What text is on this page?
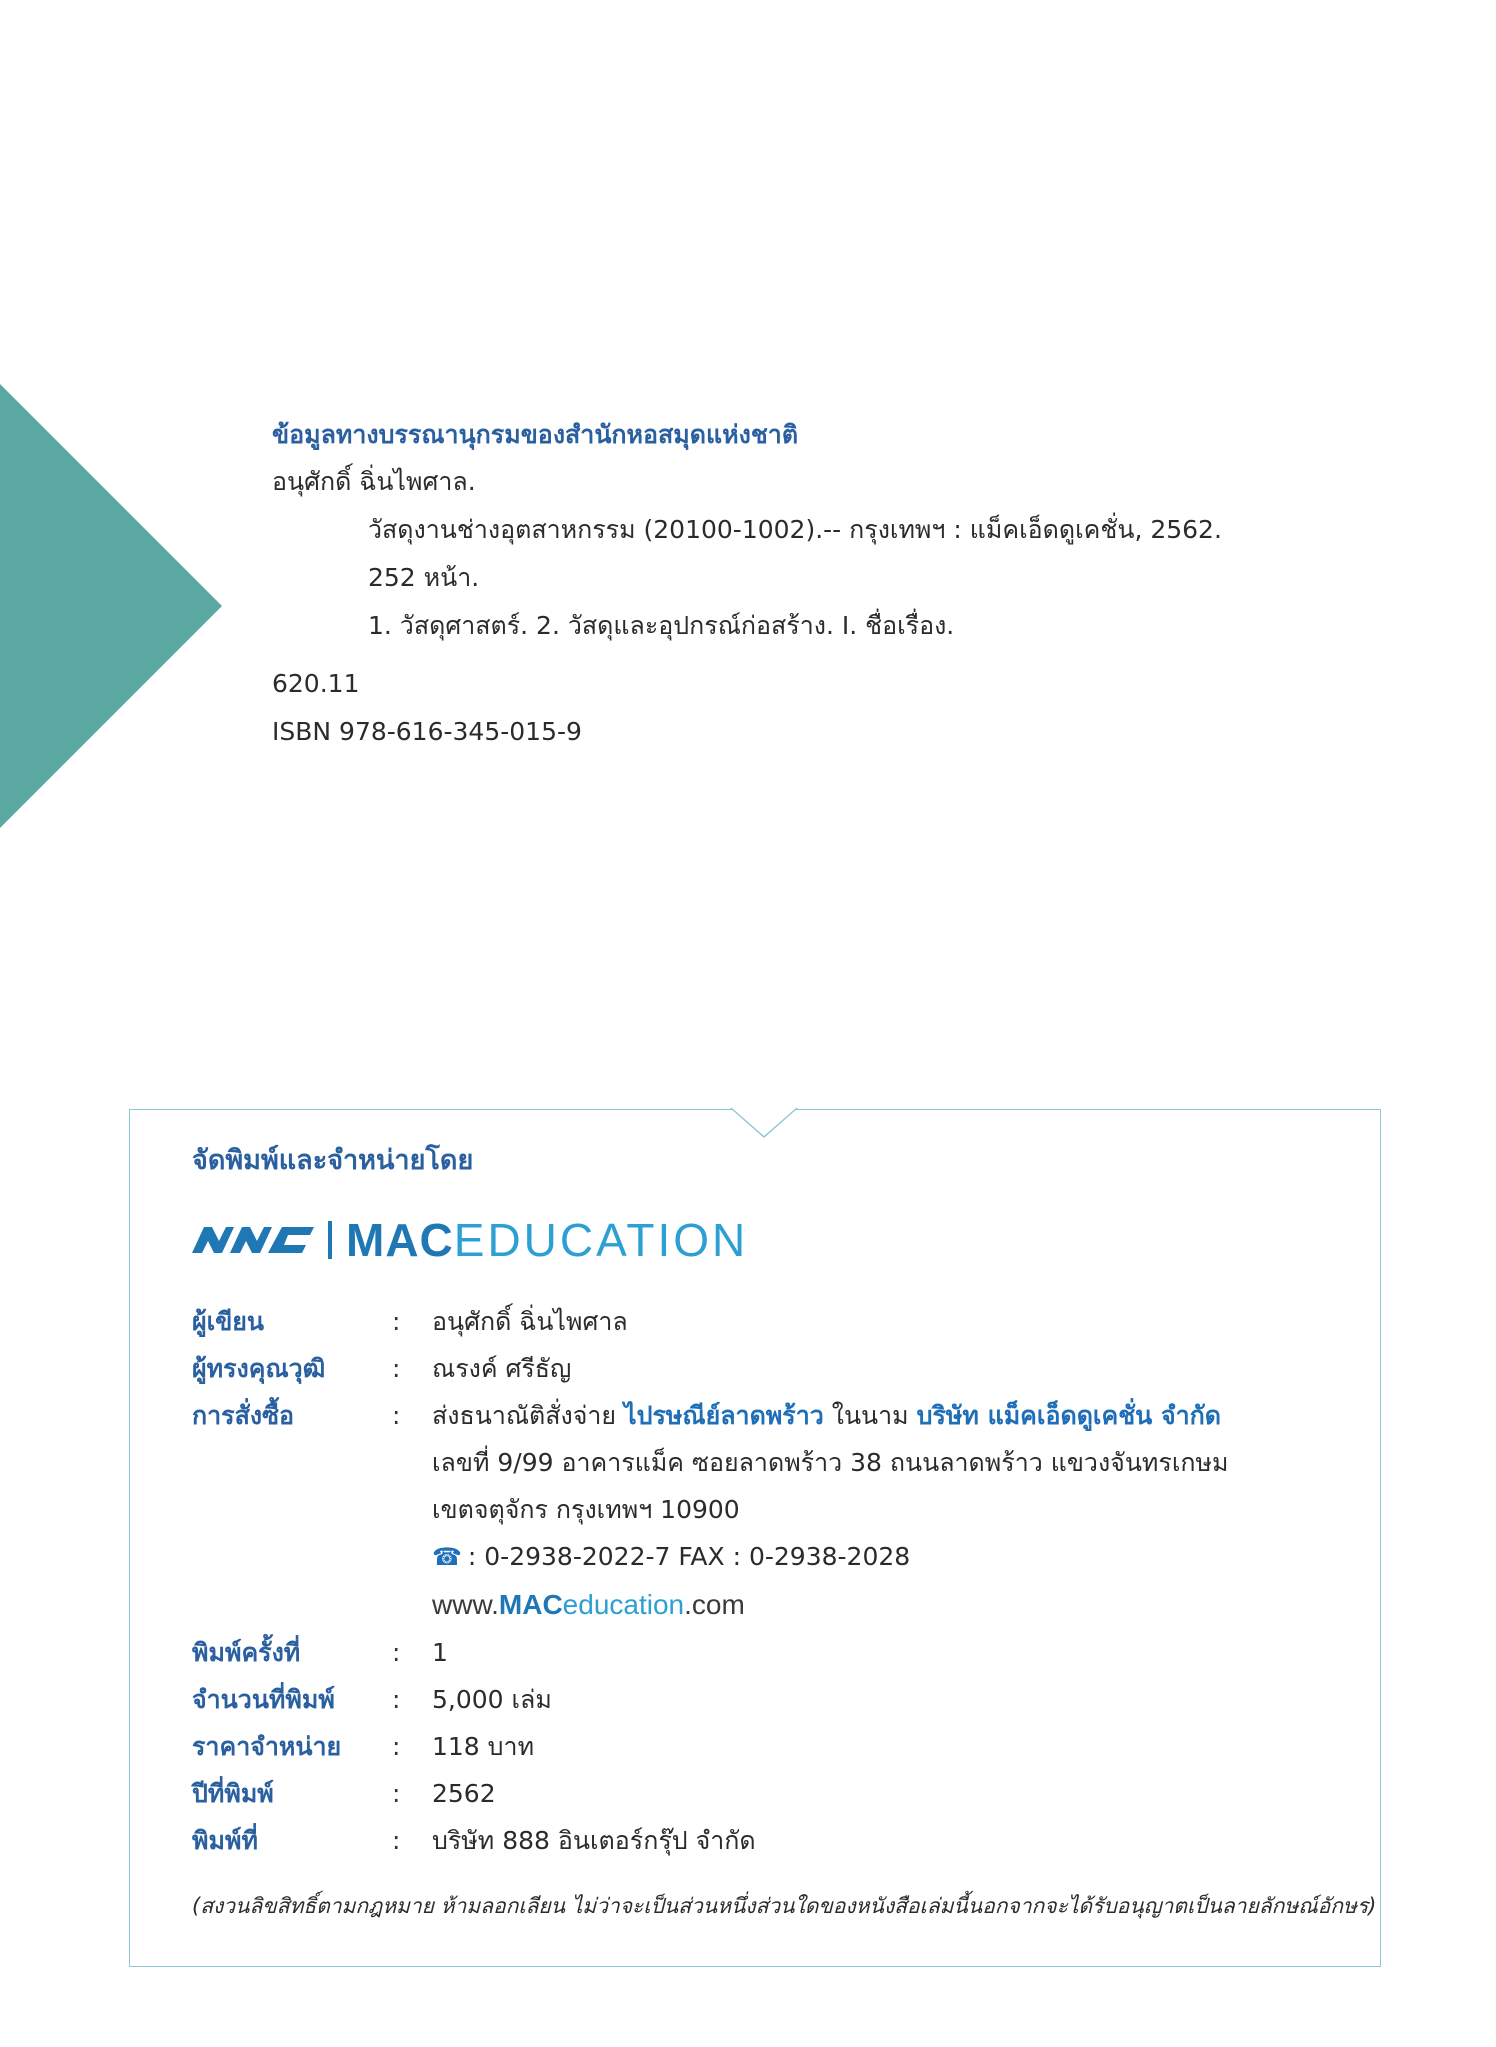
ข้อมูลทางบรรณานุกรมของสำนักหอสมุดแห่งชาติ
อนุศักดิ์ ฉิ่นไพศาล.
วัสดุงานช่างอุตสาหกรรม (20100-1002).-- กรุงเทพฯ : แม็คเอ็ดดูเคชั่น, 2562.
252 หน้า.
1. วัสดุศาสตร์. 2. วัสดุและอุปกรณ์ก่อสร้าง. I. ชื่อเรื่อง.
620.11
ISBN 978-616-345-015-9
จัดพิมพ์และจำหน่ายโดย
MAC EDUCATION
ผู้เขียน	:	อนุศักดิ์ ฉิ่นไพศาล
ผู้ทรงคุณวุฒิ	:	ณรงค์ ศรีธัญ
การสั่งซื้อ	:	ส่งธนาณัติสั่งจ่าย ไปรษณีย์ลาดพร้าว ในนาม บริษัท แม็คเอ็ดดูเคชั่น จำกัด
เลขที่ 9/99 อาคารแม็ค ซอยลาดพร้าว 38 ถนนลาดพร้าว แขวงจันทรเกษม
เขตจตุจักร กรุงเทพฯ 10900
☎ : 0-2938-2022-7 FAX : 0-2938-2028
www.MACeducation.com
พิมพ์ครั้งที่	:	1
จำนวนที่พิมพ์	:	5,000 เล่ม
ราคาจำหน่าย	:	118 บาท
ปีที่พิมพ์	:	2562
พิมพ์ที่	:	บริษัท 888 อินเตอร์กรุ๊ป จำกัด
(สงวนลิขสิทธิ์ตามกฎหมาย ห้ามลอกเลียน ไม่ว่าจะเป็นส่วนหนึ่งส่วนใดของหนังสือเล่มนี้นอกจากจะได้รับอนุญาตเป็นลายลักษณ์อักษร)
